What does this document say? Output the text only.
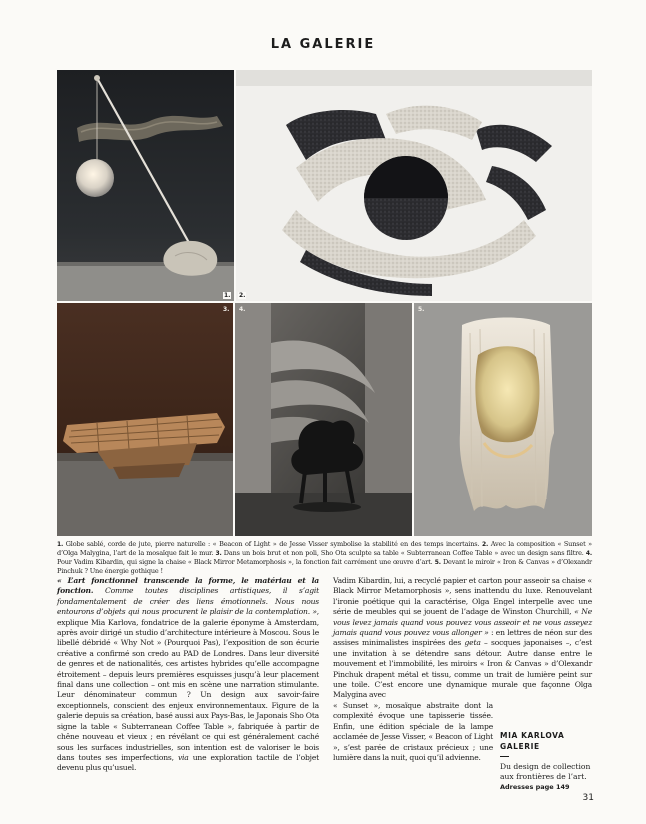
LA GALERIE
1. 2.
3. 4.	5.

1. Globe sablé, corde de jute, pierre naturelle : « Beacon of Light » de Jesse Visser symbolise la stabilité en des temps incertains. 2. Avec la composition « Sunset » d’Olga Malygina, l’art de la mosaïque fait le mur. 3. Dans un bois brut et non poli, Sho Ota sculpte sa table « Subterranean Coffee Table » avec un design sans filtre. 4. Pour Vadim Kibardin, qui signe la chaise « Black Mirror Metamorphosis », la fonction fait carrément une œuvre d’art. 5. Devant le miroir « Iron & Canvas » d’Olexandr Pinchuk ? Une énergie gothique !

« L’art fonctionnel transcende la forme, le matériau et la fonction. Comme toutes disciplines artistiques, il s’agit fondamentalement de créer des liens émotionnels. Nous nous entourons d’objets qui nous procurent le plaisir de la contemplation. », explique Mia Karlova, fondatrice de la galerie éponyme à Amsterdam, après avoir dirigé un studio d’architecture intérieure à Moscou. Sous le libellé débridé « Why Not » (Pourquoi Pas), l’exposition de son écurie créative a confirmé son credo au PAD de Londres. Dans leur diversité de genres et de nationalités, ces artistes hybrides qu’elle accompagne étroitement – depuis leurs premières esquisses jusqu’à leur placement final dans une collection – ont mis en scène une narration stimulante. Leur dénominateur commun ? Un design aux savoir-faire exceptionnels, conscient des enjeux environnementaux. Figure de la galerie depuis sa création, basé aussi aux Pays-Bas, le Japonais Sho Ota signe la table « Subterranean Coffee Table », fabriquée à partir de chêne nouveau et vieux ; en révélant ce qui est généralement caché sous les surfaces industrielles, son intention est de valoriser le bois dans toutes ses imperfections, via une exploration tactile de l’objet devenu plus qu’usuel.

Vadim Kibardin, lui, a recyclé papier et carton pour asseoir sa chaise « Black Mirror Metamorphosis », sens inattendu du luxe. Renouvelant l’ironie poétique qui la caractérise, Olga Engel interpelle avec une série de meubles qui se jouent de l’adage de Winston Churchill, « Ne vous levez jamais quand vous pouvez vous asseoir et ne vous asseyez jamais quand vous pouvez vous allonger » : en lettres de néon sur des assises minimalistes inspirées des geta – socques japonaises –, c’est une invitation à se détendre sans détour. Autre danse entre le mouvement et l’immobilité, les miroirs « Iron & Canvas » d’Olexandr Pinchuk drapent métal et tissu, comme un trait de lumière peint sur une toile. C’est encore une dynamique murale que façonne Olga Malygina avec
« Sunset », mosaïque abstraite dont la complexité évoque une tapisserie tissée. Enfin, une édition spéciale de la lampe acclamée de Jesse Visser, « Beacon of Light », s’est parée de cristaux précieux ; une lumière dans la nuit, quoi qu’il advienne.

MIA KARLOVA

GALERIE

Du design de collection aux frontières de l’art.

Adresses page 149

31
